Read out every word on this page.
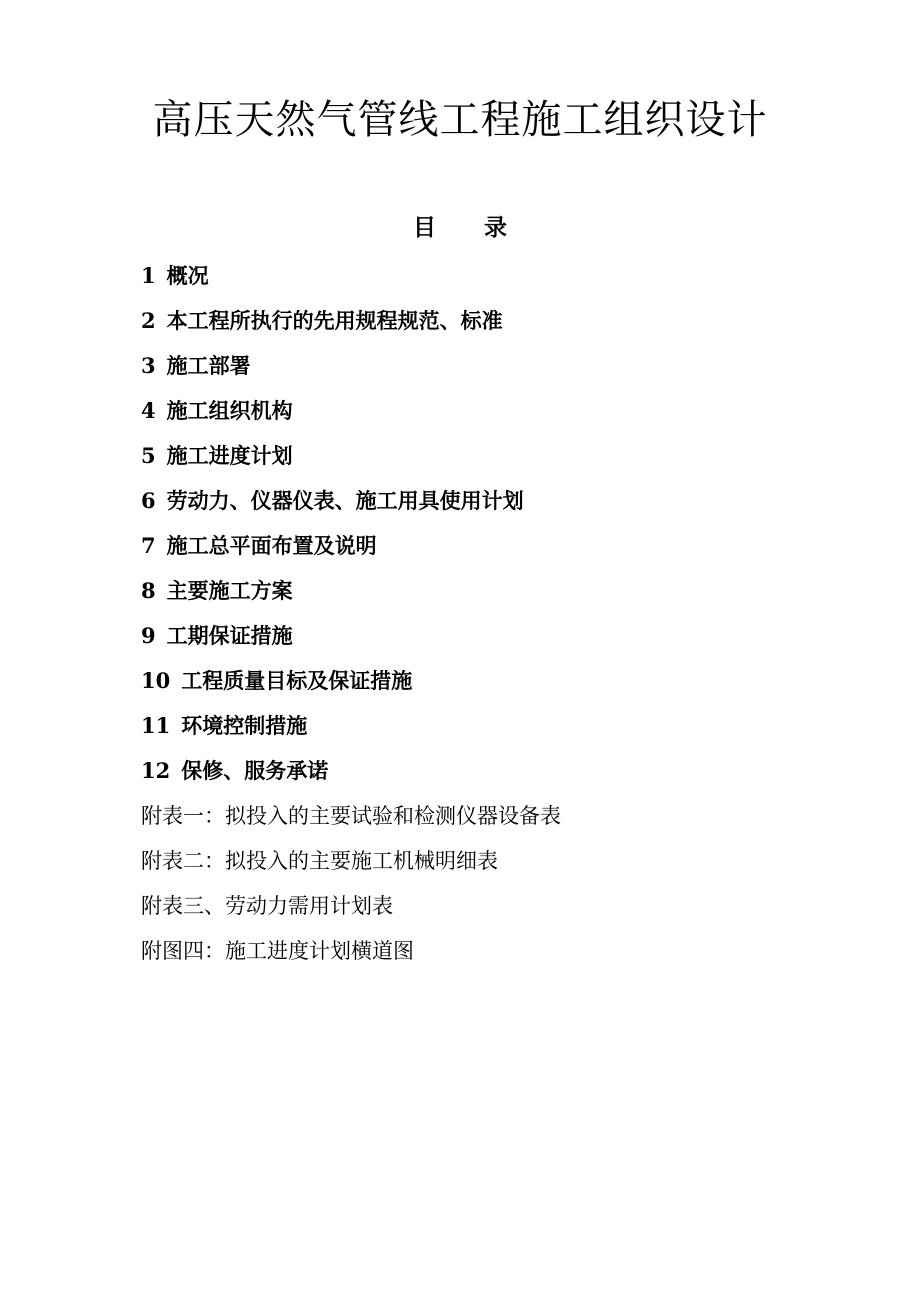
高压天然气管线工程施工组织设计
目 录
1 概况
2 本工程所执行的先用规程规范、标准
3 施工部署
4 施工组织机构
5 施工进度计划
6 劳动力、仪器仪表、施工用具使用计划
7 施工总平面布置及说明
8 主要施工方案
9 工期保证措施
10 工程质量目标及保证措施
11 环境控制措施
12 保修、服务承诺
附表一：拟投入的主要试验和检测仪器设备表
附表二：拟投入的主要施工机械明细表
附表三、劳动力需用计划表
附图四：施工进度计划横道图
